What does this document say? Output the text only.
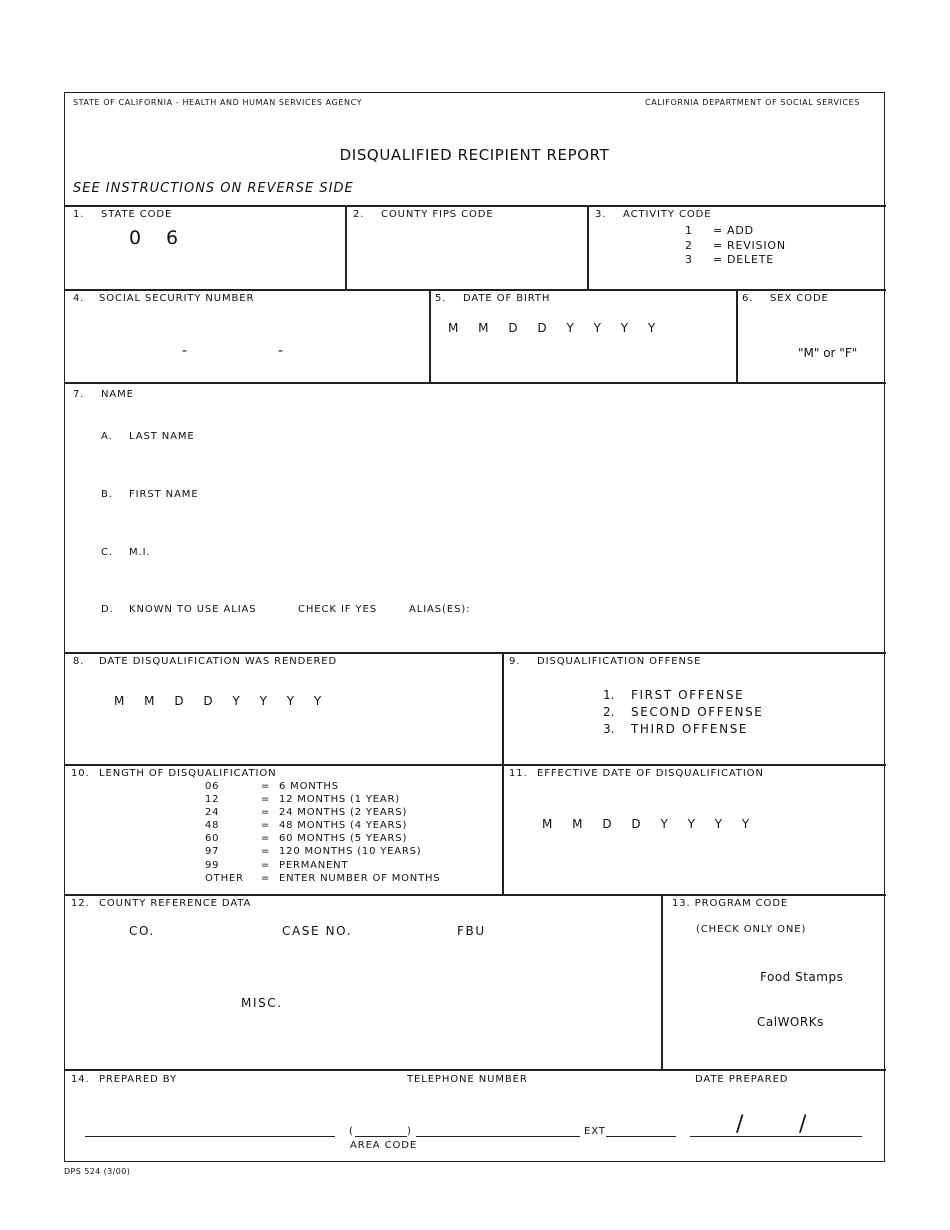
STATE OF CALIFORNIA - HEALTH AND HUMAN SERVICES AGENCY	CALIFORNIA DEPARTMENT OF SOCIAL SERVICES
DISQUALIFIED RECIPIENT REPORT
SEE INSTRUCTIONS ON REVERSE SIDE
1. STATE CODE
0 6
2. COUNTY FIPS CODE	3. ACTIVITY CODE
1 = ADD
2 = REVISION
3 = DELETE
4. SOCIAL SECURITY NUMBER
-	-
5. DATE OF BIRTH
M M D D Y Y Y Y
6. SEX CODE
"M" or "F"
7. NAME
A. LAST NAME
B. FIRST NAME
C. M.I.
D. KNOWN TO USE ALIAS	CHECK IF YES	ALIAS(ES):
8. DATE DISQUALIFICATION WAS RENDERED
M M D D Y Y Y Y
9. DISQUALIFICATION OFFENSE
1. FIRST OFFENSE
2. SECOND OFFENSE
3. THIRD OFFENSE
10. LENGTH OF DISQUALIFICATION
06	= 6 MONTHS
12	= 12 MONTHS (1 YEAR)
24	= 24 MONTHS (2 YEARS)
48	= 48 MONTHS (4 YEARS)
60	= 60 MONTHS (5 YEARS)
97	= 120 MONTHS (10 YEARS)
99	= PERMANENT
OTHER = ENTER NUMBER OF MONTHS
11. EFFECTIVE DATE OF DISQUALIFICATION
M M D D Y Y Y Y
12. COUNTY REFERENCE DATA
CO.	CASE NO.	FBU
MISC.
13. PROGRAM CODE
(CHECK ONLY ONE)
Food Stamps
CalWORKs
14. PREPARED BY	TELEPHONE NUMBER	DATE PREPARED
(	)	EXT
AREA CODE
/	/
DPS 524 (3/00)
